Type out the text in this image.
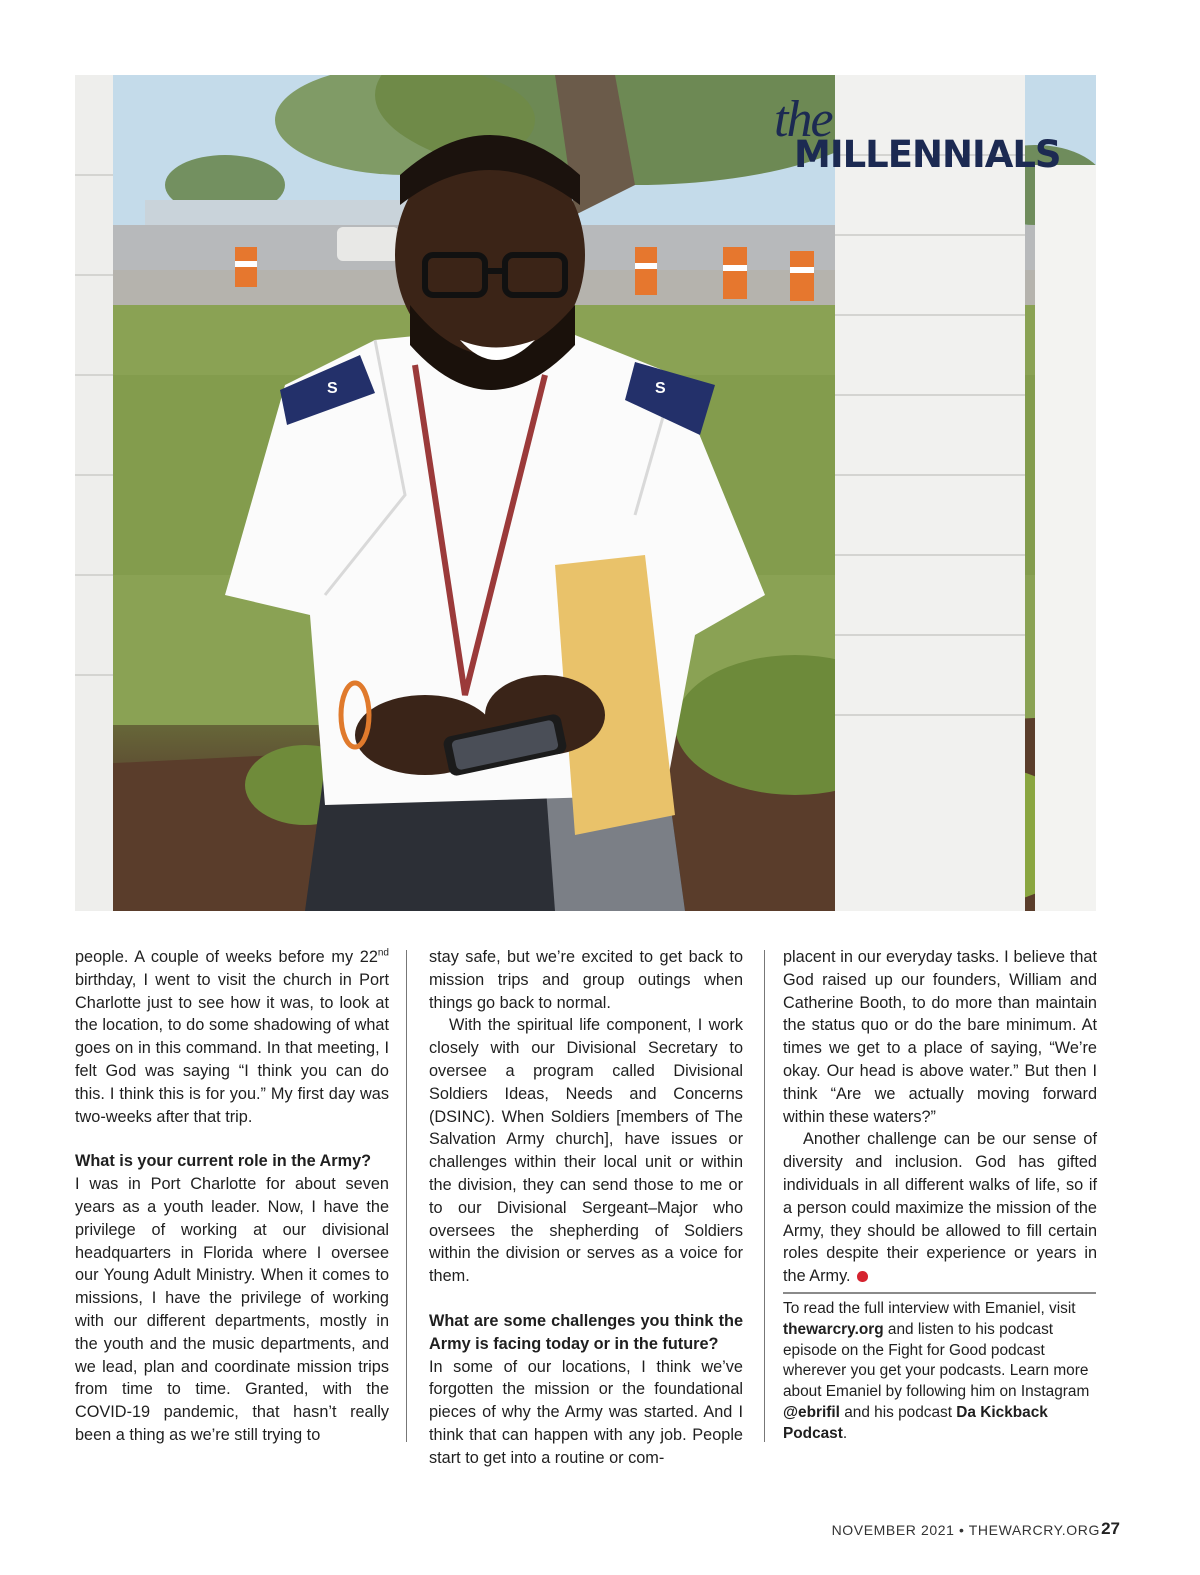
S	S
the
MILLENNIALS

people. A couple of weeks before my 22nd birthday, I went to visit the church in Port Charlotte just to see how it was, to look at the location, to do some shadowing of what goes on in this command. In that meeting, I felt God was saying “I think you can do this. I think this is for you.” My first day was two-weeks after that trip.

What is your current role in the Army?

I was in Port Charlotte for about seven years as a youth leader. Now, I have the privilege of working at our divisional headquarters in Florida where I oversee our Young Adult Ministry. When it comes to missions, I have the privilege of working with our different departments, mostly in the youth and the music departments, and we lead, plan and coordinate mission trips from time to time. Granted, with the COVID-19 pandemic, that hasn’t really been a thing as we’re still trying to

stay safe, but we’re excited to get back to mission trips and group outings when things go back to normal.

With the spiritual life component, I work closely with our Divisional Secretary to oversee a program called Divisional Soldiers Ideas, Needs and Concerns (DSINC). When Soldiers [members of The Salvation Army church], have issues or challenges within their local unit or within the division, they can send those to me or to our Divisional Sergeant–Major who oversees the shepherding of Soldiers within the division or serves as a voice for them.

What are some challenges you think the Army is facing today or in the future?

In some of our locations, I think we’ve forgotten the mission or the foundational pieces of why the Army was started. And I think that can happen with any job. People start to get into a routine or com-

placent in our everyday tasks. I believe that God raised up our founders, William and Catherine Booth, to do more than maintain the status quo or do the bare minimum. At times we get to a place of saying, “We’re okay. Our head is above water.” But then I think “Are we actually moving forward within these waters?”

Another challenge can be our sense of diversity and inclusion. God has gifted individuals in all different walks of life, so if a person could maximize the mission of the Army, they should be allowed to fill certain roles despite their experience or years in the Army.

To read the full interview with Emaniel, visit thewarcry.org and listen to his podcast episode on the Fight for Good podcast wherever you get your podcasts. Learn more about Emaniel by following him on Instagram @ebrifil and his podcast Da Kickback Podcast.
NOVEMBER 2021 • THEWARCRY.ORG 27
